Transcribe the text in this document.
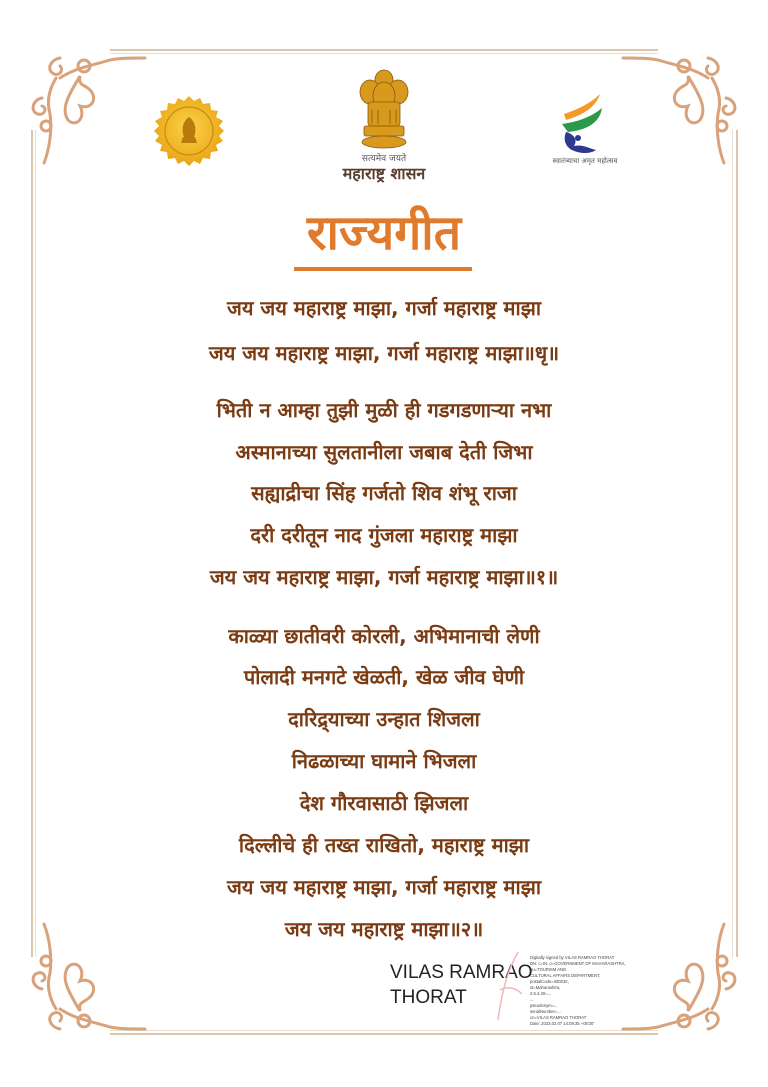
सत्यमेव जयते
महाराष्ट्र शासन
स्वातंत्र्याचा अमृत महोत्सव
राज्यगीत
जय जय महाराष्ट्र माझा, गर्जा महाराष्ट्र माझा
जय जय महाराष्ट्र माझा, गर्जा महाराष्ट्र माझा॥धृ॥
भिती न आम्हा तुझी मुळी ही गडगडणाऱ्या नभा
अस्मानाच्या सुलतानीला जबाब देती जिभा
सह्याद्रीचा सिंह गर्जतो शिव शंभू राजा
दरी दरीतून नाद गुंजला महाराष्ट्र माझा
जय जय महाराष्ट्र माझा, गर्जा महाराष्ट्र माझा॥१॥
काळ्या छातीवरी कोरली, अभिमानाची लेणी
पोलादी मनगटे खेळती, खेळ जीव घेणी
दारिद्र्याच्या उन्हात शिजला
निढळाच्या घामाने भिजला
देश गौरवासाठी झिजला
दिल्लीचे ही तख्त राखितो, महाराष्ट्र माझा
जय जय महाराष्ट्र माझा, गर्जा महाराष्ट्र माझा
जय जय महाराष्ट्र माझा॥२॥
VILAS RAMRAO
THORAT
Digitally signed by VILAS RAMRAO THORAT
DN: c=IN, o=GOVERNMENT OF MAHARASHTRA, ou=TOURISM AND
CULTURAL AFFAIRS DEPARTMENT, postalCode=400032,
st=Maharashtra,
2.5.4.20=...
...
pseudonym=...
serialNumber=...
cn=VILAS RAMRAO THORAT
Date: 2023.02.07 14:09:35 +05'30'
